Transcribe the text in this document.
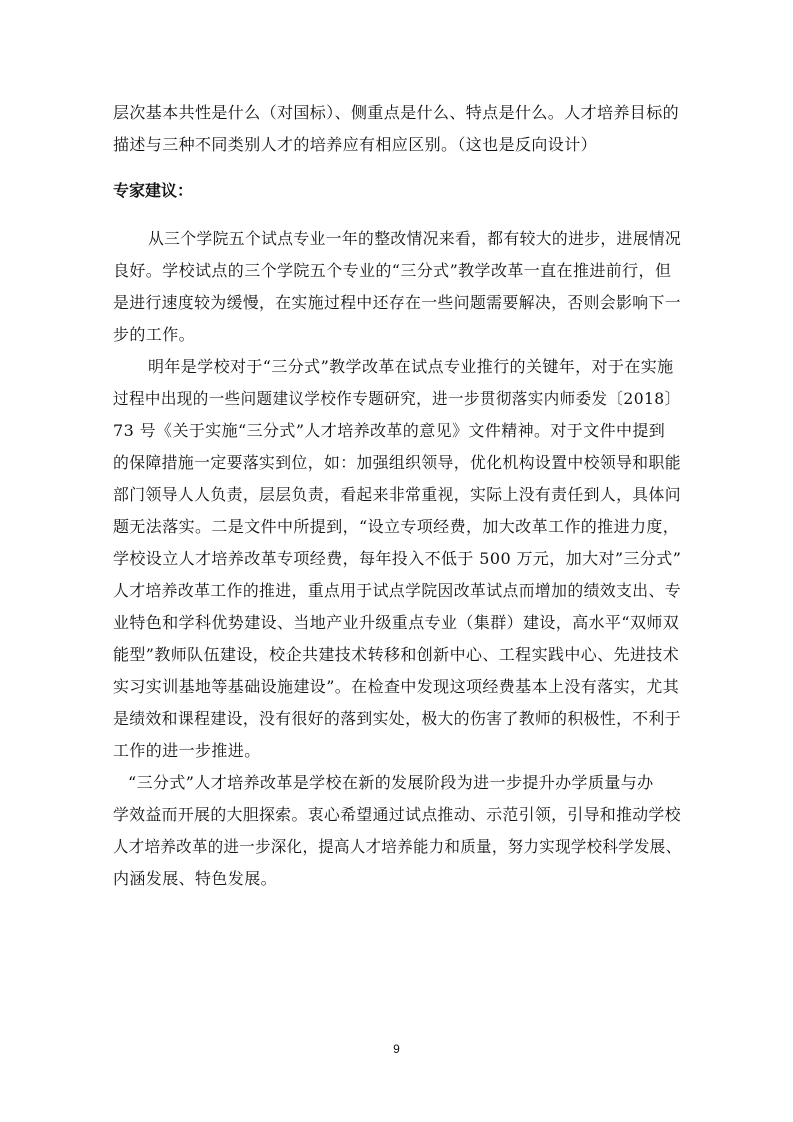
层次基本共性是什么（对国标）、侧重点是什么、特点是什么。人才培养目标的
描述与三种不同类别人才的培养应有相应区别。（这也是反向设计）
专家建议：
从三个学院五个试点专业一年的整改情况来看，都有较大的进步，进展情况
良好。学校试点的三个学院五个专业的“三分式”教学改革一直在推进前行，但
是进行速度较为缓慢，在实施过程中还存在一些问题需要解决，否则会影响下一
步的工作。
明年是学校对于“三分式”教学改革在试点专业推行的关键年，对于在实施
过程中出现的一些问题建议学校作专题研究，进一步贯彻落实内师委发〔2018〕
73 号《关于实施“三分式”人才培养改革的意见》文件精神。对于文件中提到
的保障措施一定要落实到位，如：加强组织领导，优化机构设置中校领导和职能
部门领导人人负责，层层负责，看起来非常重视，实际上没有责任到人，具体问
题无法落实。二是文件中所提到，“设立专项经费，加大改革工作的推进力度，
学校设立人才培养改革专项经费，每年投入不低于 500 万元，加大对”三分式”
人才培养改革工作的推进，重点用于试点学院因改革试点而增加的绩效支出、专
业特色和学科优势建设、当地产业升级重点专业（集群）建设，高水平“双师双
能型”教师队伍建设，校企共建技术转移和创新中心、工程实践中心、先进技术
实习实训基地等基础设施建设”。在检查中发现这项经费基本上没有落实，尤其
是绩效和课程建设，没有很好的落到实处，极大的伤害了教师的积极性，不利于
工作的进一步推进。
“三分式”人才培养改革是学校在新的发展阶段为进一步提升办学质量与办
学效益而开展的大胆探索。衷心希望通过试点推动、示范引领，引导和推动学校
人才培养改革的进一步深化，提高人才培养能力和质量，努力实现学校科学发展、
内涵发展、特色发展。
9
